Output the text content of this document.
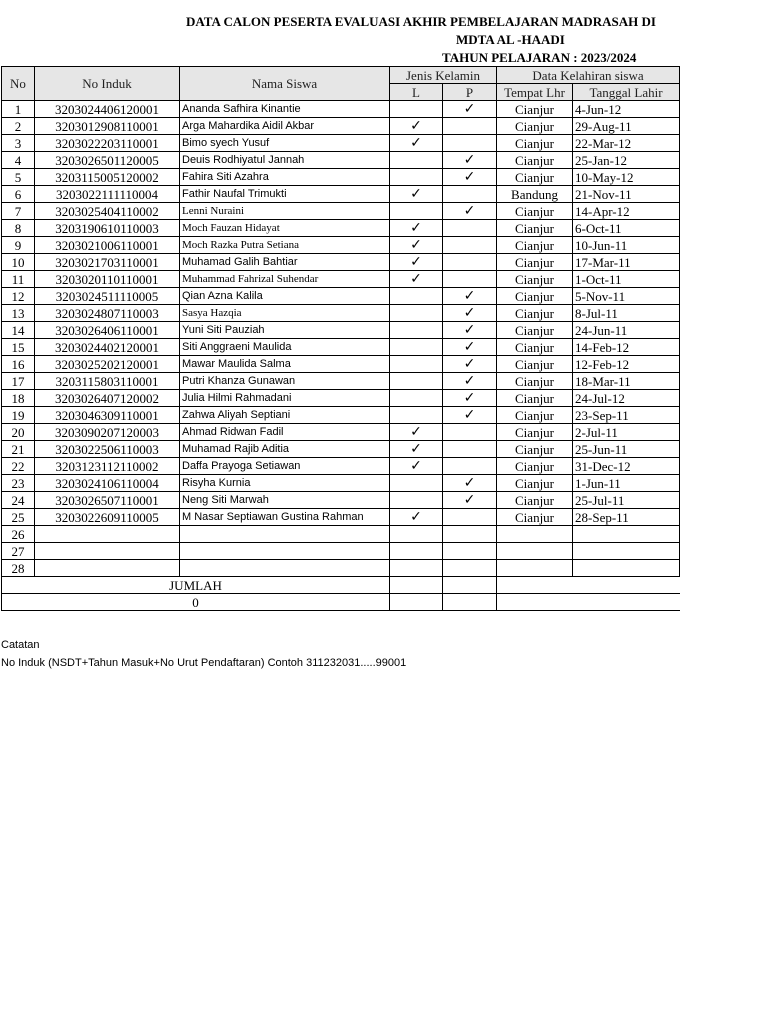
DATA CALON PESERTA EVALUASI AKHIR PEMBELAJARAN MADRASAH DI
MDTA AL -HAADI
TAHUN PELAJARAN : 2023/2024
No	No Induk	Nama Siswa	Jenis Kelamin		Data Kelahiran siswa	
			L	P	Tempat Lhr	Tanggal Lahir
1	3203024406120001	Ananda Safhira Kinantie		✓	Cianjur	4-Jun-12
2	3203012908110001	Arga Mahardika Aidil Akbar	✓		Cianjur	29-Aug-11
3	3203022203110001	Bimo syech Yusuf	✓		Cianjur	22-Mar-12
4	3203026501120005	Deuis Rodhiyatul Jannah		✓	Cianjur	25-Jan-12
5	3203115005120002	Fahira Siti Azahra		✓	Cianjur	10-May-12
6	3203022111110004	Fathir Naufal Trimukti	✓		Bandung	21-Nov-11
7	3203025404110002	Lenni Nuraini		✓	Cianjur	14-Apr-12
8	3203190610110003	Moch Fauzan Hidayat	✓		Cianjur	6-Oct-11
9	3203021006110001	Moch Razka Putra Setiana	✓		Cianjur	10-Jun-11
10	3203021703110001	Muhamad Galih Bahtiar	✓		Cianjur	17-Mar-11
11	3203020110110001	Muhammad Fahrizal Suhendar	✓		Cianjur	1-Oct-11
12	3203024511110005	Qian Azna Kalila		✓	Cianjur	5-Nov-11
13	3203024807110003	Sasya Hazqia		✓	Cianjur	8-Jul-11
14	3203026406110001	Yuni Siti Pauziah		✓	Cianjur	24-Jun-11
15	3203024402120001	Siti Anggraeni Maulida		✓	Cianjur	14-Feb-12
16	3203025202120001	Mawar Maulida Salma		✓	Cianjur	12-Feb-12
17	3203115803110001	Putri Khanza Gunawan		✓	Cianjur	18-Mar-11
18	3203026407120002	Julia Hilmi Rahmadani		✓	Cianjur	24-Jul-12
19	3203046309110001	Zahwa Aliyah Septiani		✓	Cianjur	23-Sep-11
20	3203090207120003	Ahmad Ridwan Fadil	✓		Cianjur	2-Jul-11
21	3203022506110003	Muhamad Rajib Aditia	✓		Cianjur	25-Jun-11
22	3203123112110002	Daffa Prayoga Setiawan	✓		Cianjur	31-Dec-12
23	3203024106110004	Risyha Kurnia		✓	Cianjur	1-Jun-11
24	3203026507110001	Neng Siti Marwah		✓	Cianjur	25-Jul-11
25	3203022609110005	M Nasar Septiawan Gustina Rahman	✓		Cianjur	28-Sep-11
26						
27						
28						
JUMLAH						
0						
Catatan
No Induk (NSDT+Tahun Masuk+No Urut Pendaftaran) Contoh 311232031.....99001
